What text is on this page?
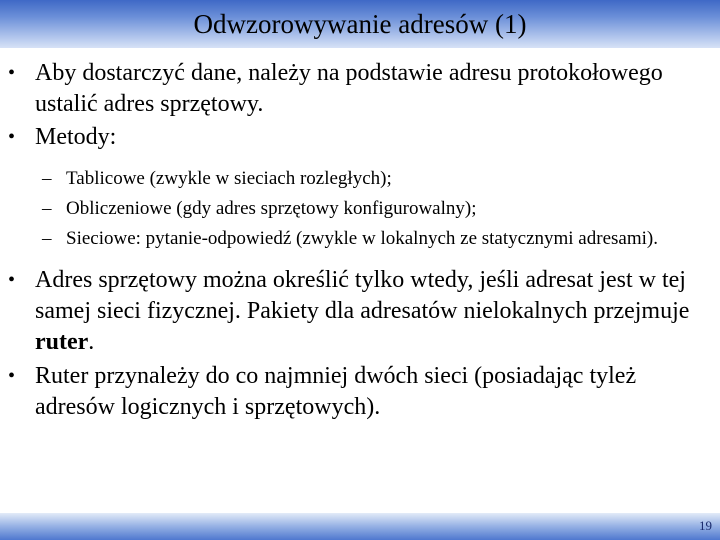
Odwzorowywanie adresów (1)
• Aby dostarczyć dane, należy na podstawie adresu protokołowego ustalić adres sprzętowy.
• Metody:
– Tablicowe (zwykle w sieciach rozległych);
– Obliczeniowe (gdy adres sprzętowy konfigurowalny);
– Sieciowe: pytanie-odpowiedź (zwykle w lokalnych ze statycznymi adresami).
• Adres sprzętowy można określić tylko wtedy, jeśli adresat jest w tej samej sieci fizycznej. Pakiety dla adresatów nielokalnych przejmuje ruter.
• Ruter przynależy do co najmniej dwóch sieci (posiadając tyleż adresów logicznych i sprzętowych).
19
